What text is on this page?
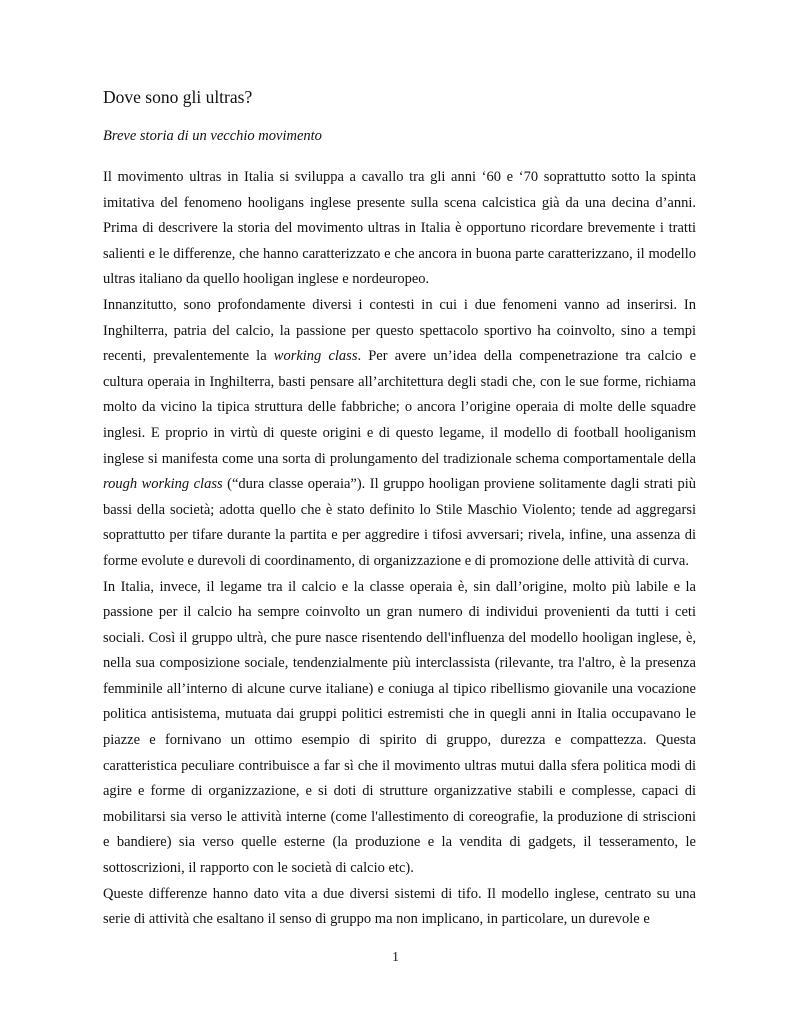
Dove sono gli ultras?
Breve storia di un vecchio movimento

Il movimento ultras in Italia si sviluppa a cavallo tra gli anni ‘60 e ‘70 soprattutto sotto la spinta imitativa del fenomeno hooligans inglese presente sulla scena calcistica già da una decina d’anni. Prima di descrivere la storia del movimento ultras in Italia è opportuno ricordare brevemente i tratti salienti e le differenze, che hanno caratterizzato e che ancora in buona parte caratterizzano, il modello ultras italiano da quello hooligan inglese e nordeuropeo.

Innanzitutto, sono profondamente diversi i contesti in cui i due fenomeni vanno ad inserirsi. In Inghilterra, patria del calcio, la passione per questo spettacolo sportivo ha coinvolto, sino a tempi recenti, prevalentemente la working class. Per avere un’idea della compenetrazione tra calcio e cultura operaia in Inghilterra, basti pensare all’architettura degli stadi che, con le sue forme, richiama molto da vicino la tipica struttura delle fabbriche; o ancora l’origine operaia di molte delle squadre inglesi. E proprio in virtù di queste origini e di questo legame, il modello di football hooliganism inglese si manifesta come una sorta di prolungamento del tradizionale schema comportamentale della rough working class (“dura classe operaia”). Il gruppo hooligan proviene solitamente dagli strati più bassi della società; adotta quello che è stato definito lo Stile Maschio Violento; tende ad aggregarsi soprattutto per tifare durante la partita e per aggredire i tifosi avversari; rivela, infine, una assenza di forme evolute e durevoli di coordinamento, di organizzazione e di promozione delle attività di curva.

In Italia, invece, il legame tra il calcio e la classe operaia è, sin dall’origine, molto più labile e la passione per il calcio ha sempre coinvolto un gran numero di individui provenienti da tutti i ceti sociali. Così il gruppo ultrà, che pure nasce risentendo dell'influenza del modello hooligan inglese, è, nella sua composizione sociale, tendenzialmente più interclassista (rilevante, tra l'altro, è la presenza femminile all’interno di alcune curve italiane) e coniuga al tipico ribellismo giovanile una vocazione politica antisistema, mutuata dai gruppi politici estremisti che in quegli anni in Italia occupavano le piazze e fornivano un ottimo esempio di spirito di gruppo, durezza e compattezza. Questa caratteristica peculiare contribuisce a far sì che il movimento ultras mutui dalla sfera politica modi di agire e forme di organizzazione, e si doti di strutture organizzative stabili e complesse, capaci di mobilitarsi sia verso le attività interne (come l'allestimento di coreografie, la produzione di striscioni e bandiere) sia verso quelle esterne (la produzione e la vendita di gadgets, il tesseramento, le sottoscrizioni, il rapporto con le società di calcio etc).

Queste differenze hanno dato vita a due diversi sistemi di tifo. Il modello inglese, centrato su una serie di attività che esaltano il senso di gruppo ma non implicano, in particolare, un durevole e

1
